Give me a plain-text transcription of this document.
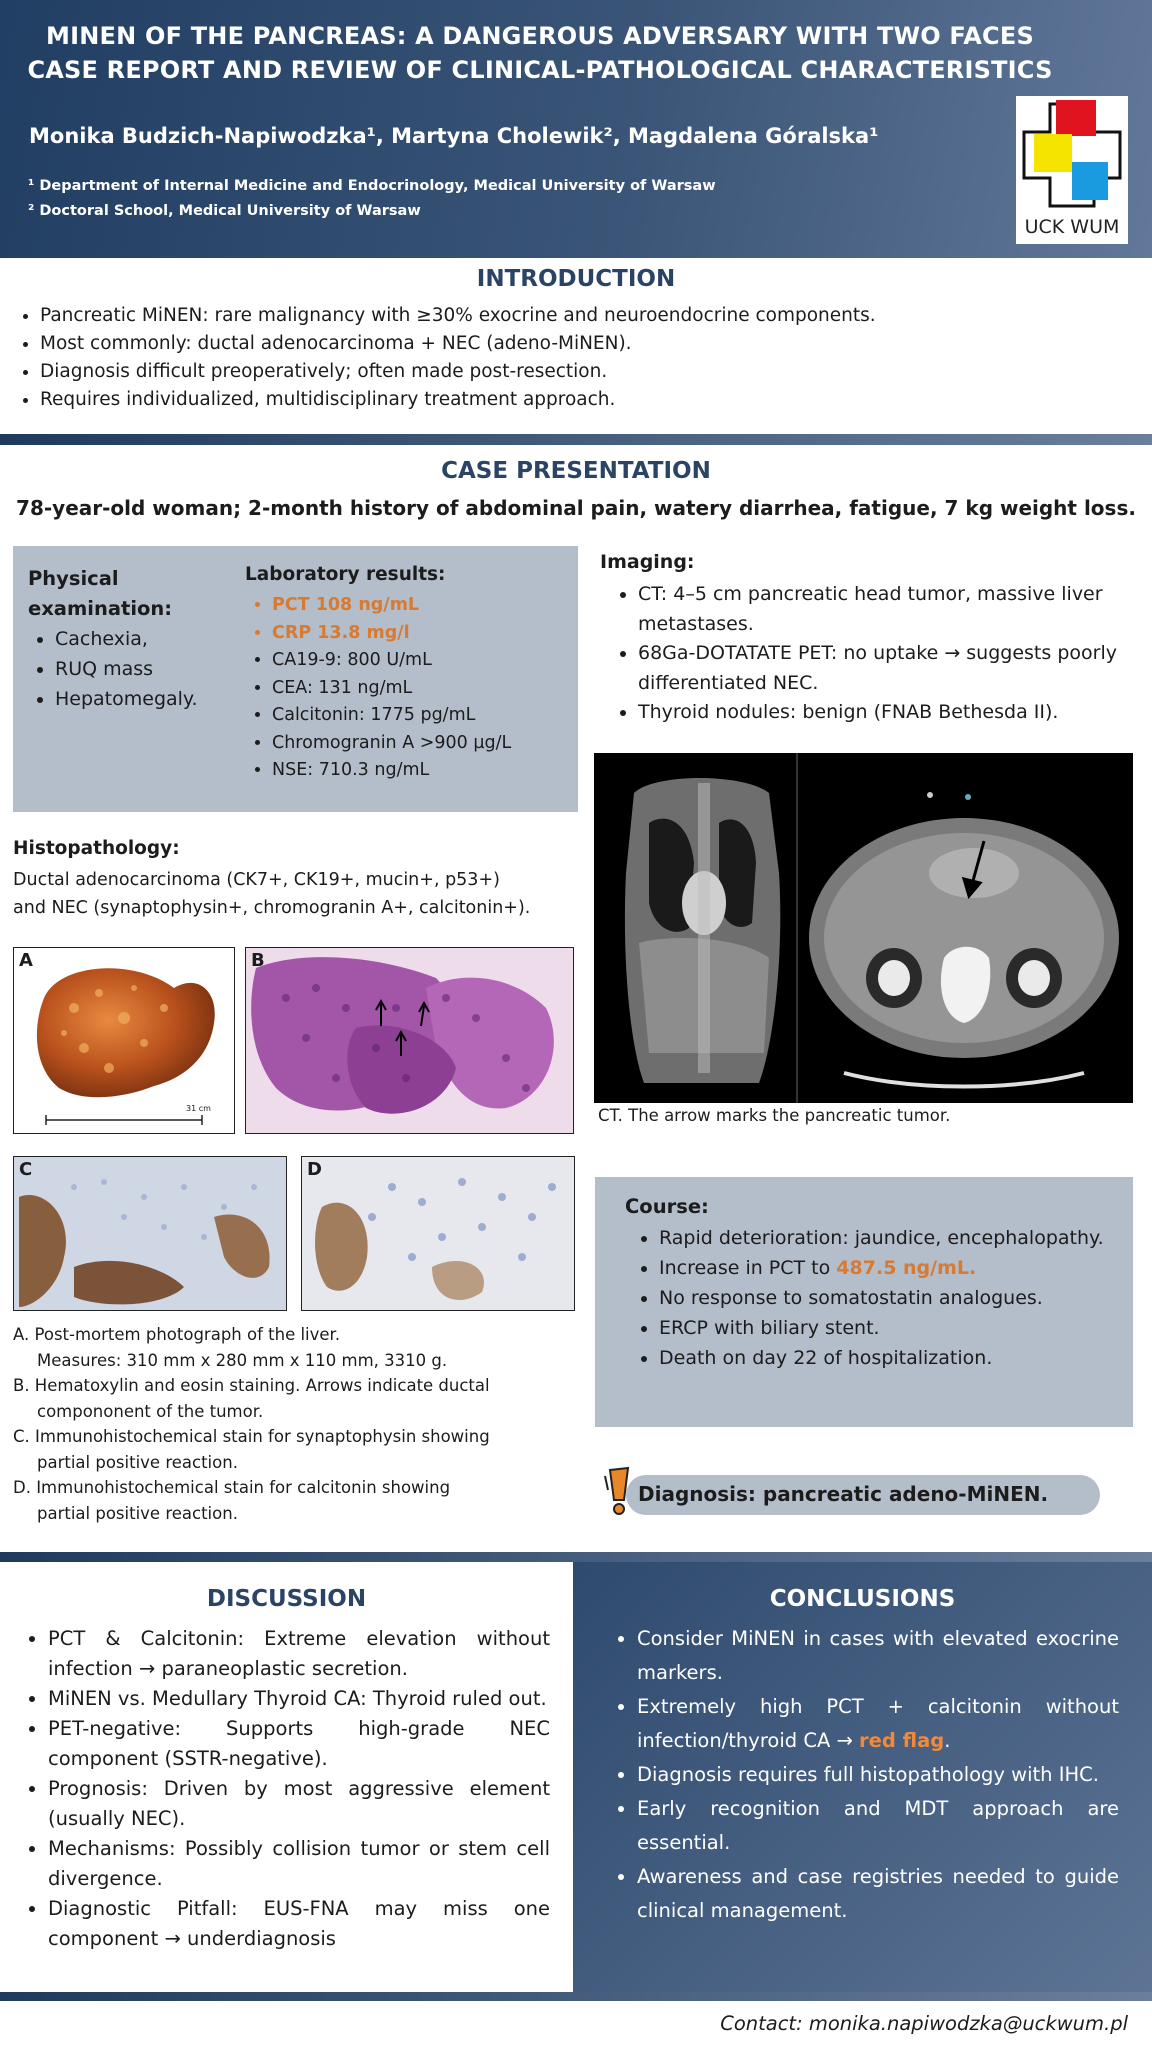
MINEN OF THE PANCREAS: A DANGEROUS ADVERSARY WITH TWO FACES
CASE REPORT AND REVIEW OF CLINICAL-PATHOLOGICAL CHARACTERISTICS
Monika Budzich-Napiwodzka¹, Martyna Cholewik², Magdalena Góralska¹
¹ Department of Internal Medicine and Endocrinology, Medical University of Warsaw
² Doctoral School, Medical University of Warsaw
UCK WUM
INTRODUCTION
• Pancreatic MiNEN: rare malignancy with ≥30% exocrine and neuroendocrine components.
• Most commonly: ductal adenocarcinoma + NEC (adeno-MiNEN).
• Diagnosis difficult preoperatively; often made post-resection.
• Requires individualized, multidisciplinary treatment approach.
CASE PRESENTATION
78-year-old woman; 2-month history of abdominal pain, watery diarrhea, fatigue, 7 kg weight loss.
Physical
examination:
• Cachexia,
• RUQ mass
• Hepatomegaly.
Laboratory results:
• PCT 108 ng/mL
• CRP 13.8 mg/l
• CA19-9: 800 U/mL
• CEA: 131 ng/mL
• Calcitonin: 1775 pg/mL
• Chromogranin A >900 µg/L
• NSE: 710.3 ng/mL
Imaging:
• CT: 4–5 cm pancreatic head tumor, massive liver metastases.
• 68Ga-DOTATATE PET: no uptake → suggests poorly differentiated NEC.
• Thyroid nodules: benign (FNAB Bethesda II).
Histopathology:
Ductal adenocarcinoma (CK7+, CK19+, mucin+, p53+)
and NEC (synaptophysin+, chromogranin A+, calcitonin+).
A
31 cm
B
C	D
A. Post-mortem photograph of the liver.
Measures: 310 mm x 280 mm x 110 mm, 3310 g.
B. Hematoxylin and eosin staining. Arrows indicate ductal
compononent of the tumor.
C. Immunohistochemical stain for synaptophysin showing
partial positive reaction.
D. Immunohistochemical stain for calcitonin showing
partial positive reaction.
CT. The arrow marks the pancreatic tumor.
Course:
• Rapid deterioration: jaundice, encephalopathy.
• Increase in PCT to 487.5 ng/mL.
• No response to somatostatin analogues.
• ERCP with biliary stent.
• Death on day 22 of hospitalization.
Diagnosis: pancreatic adeno-MiNEN.
DISCUSSION
• PCT & Calcitonin: Extreme elevation without infection → paraneoplastic secretion.
• MiNEN vs. Medullary Thyroid CA: Thyroid ruled out.
• PET-negative: Supports high-grade NEC component (SSTR-negative).
• Prognosis: Driven by most aggressive element (usually NEC).
• Mechanisms: Possibly collision tumor or stem cell divergence.
• Diagnostic Pitfall: EUS-FNA may miss one component → underdiagnosis
CONCLUSIONS
• Consider MiNEN in cases with elevated exocrine markers.
• Extremely high PCT + calcitonin without infection/thyroid CA → red flag.
• Diagnosis requires full histopathology with IHC.
• Early recognition and MDT approach are essential.
• Awareness and case registries needed to guide clinical management.
Contact: monika.napiwodzka@uckwum.pl
